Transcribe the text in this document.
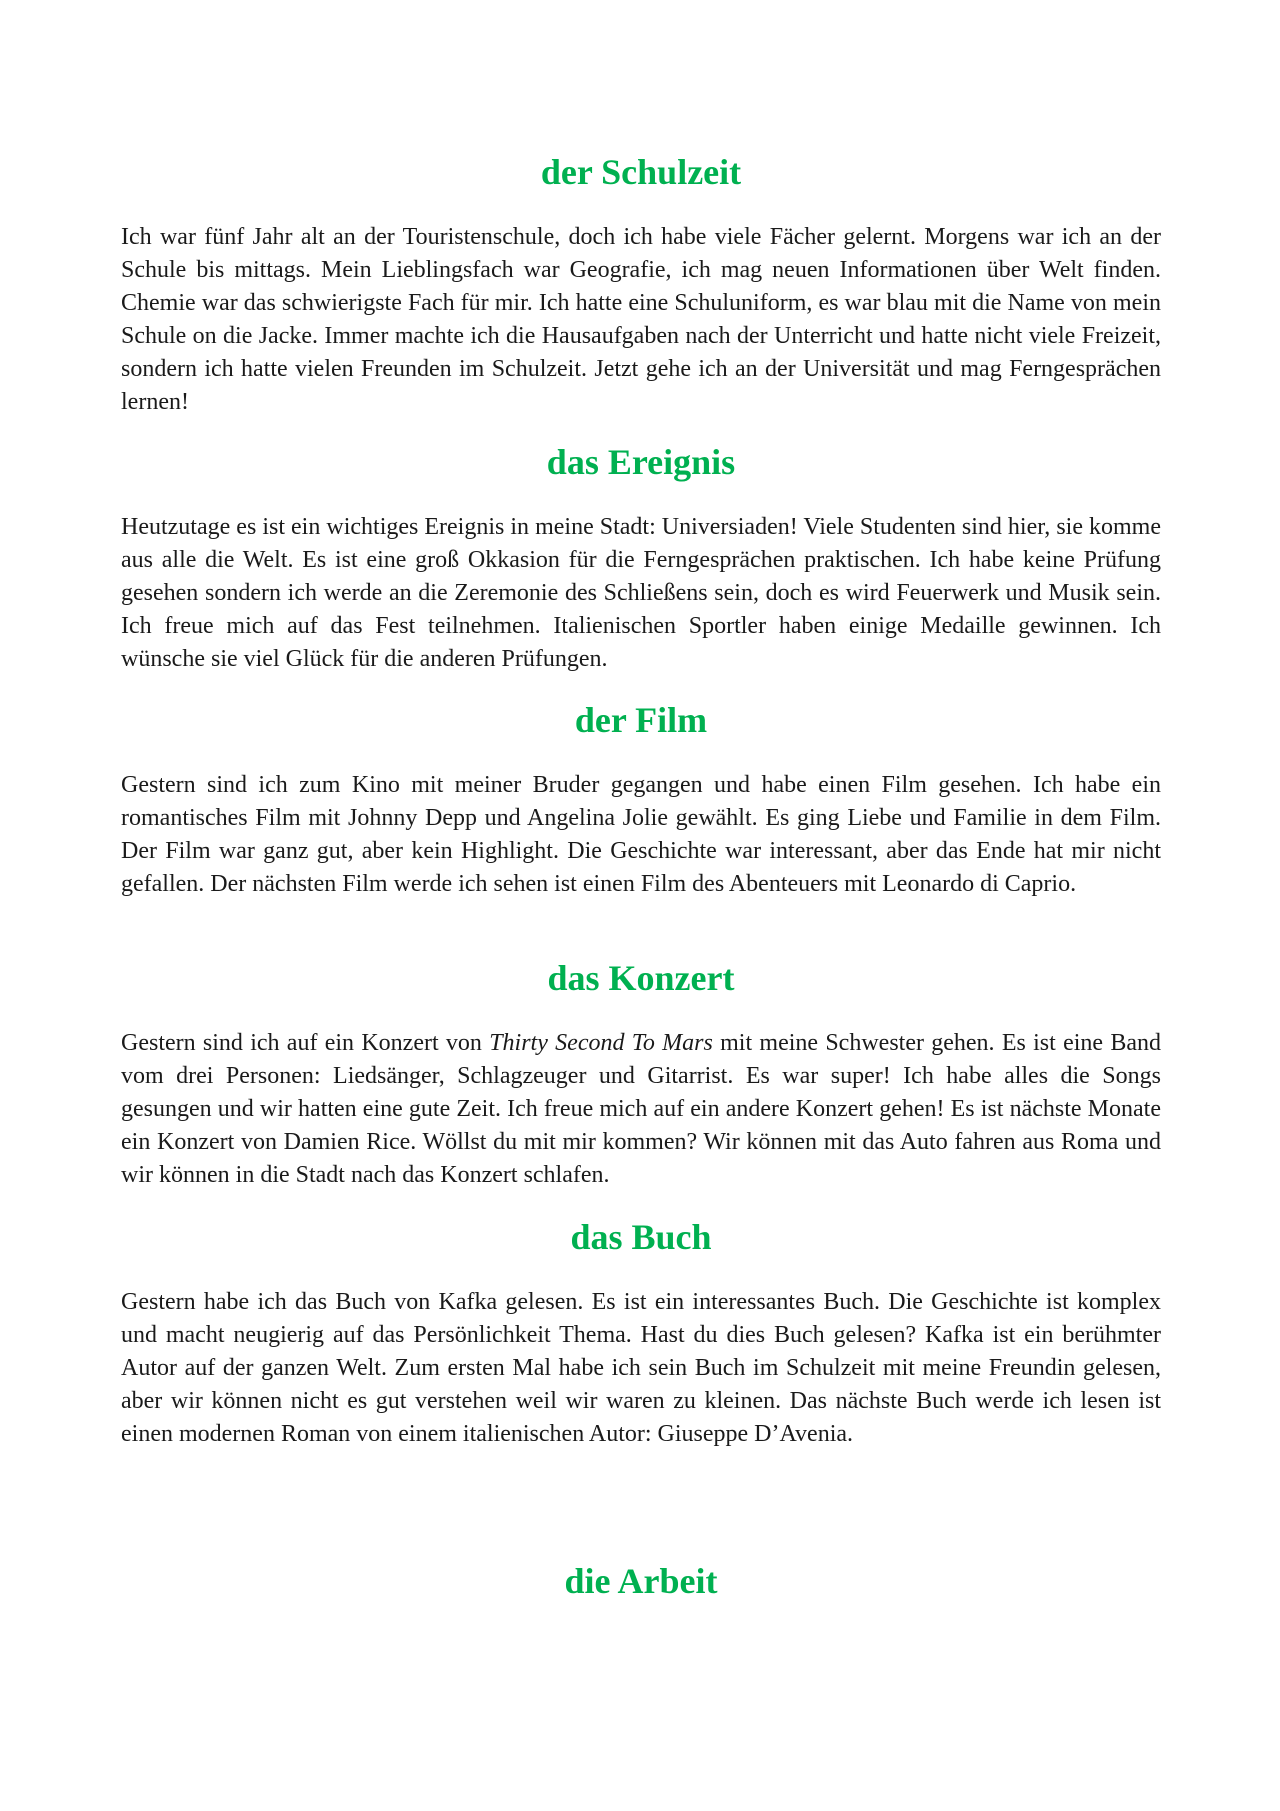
der Schulzeit

Ich war fünf Jahr alt an der Touristenschule, doch ich habe viele Fächer gelernt. Morgens war ich an der Schule bis mittags. Mein Lieblingsfach war Geografie, ich mag neuen Informationen über Welt finden. Chemie war das schwierigste Fach für mir. Ich hatte eine Schuluniform, es war blau mit die Name von mein Schule on die Jacke. Immer machte ich die Hausaufgaben nach der Unterricht und hatte nicht viele Freizeit, sondern ich hatte vielen Freunden im Schulzeit. Jetzt gehe ich an der Universität und mag Ferngesprächen lernen!

das Ereignis

Heutzutage es ist ein wichtiges Ereignis in meine Stadt: Universiaden! Viele Studenten sind hier, sie komme aus alle die Welt. Es ist eine groß Okkasion für die Ferngesprächen praktischen. Ich habe keine Prüfung gesehen sondern ich werde an die Zeremonie des Schließens sein, doch es wird Feuerwerk und Musik sein. Ich freue mich auf das Fest teilnehmen. Italienischen Sportler haben einige Medaille gewinnen. Ich wünsche sie viel Glück für die anderen Prüfungen.

der Film

Gestern sind ich zum Kino mit meiner Bruder gegangen und habe einen Film gesehen. Ich habe ein romantisches Film mit Johnny Depp und Angelina Jolie gewählt. Es ging Liebe und Familie in dem Film. Der Film war ganz gut, aber kein Highlight. Die Geschichte war interessant, aber das Ende hat mir nicht gefallen. Der nächsten Film werde ich sehen ist einen Film des Abenteuers mit Leonardo di Caprio.

das Konzert

Gestern sind ich auf ein Konzert von Thirty Second To Mars mit meine Schwester gehen. Es ist eine Band vom drei Personen: Liedsänger, Schlagzeuger und Gitarrist. Es war super! Ich habe alles die Songs gesungen und wir hatten eine gute Zeit. Ich freue mich auf ein andere Konzert gehen! Es ist nächste Monate ein Konzert von Damien Rice. Wöllst du mit mir kommen? Wir können mit das Auto fahren aus Roma und wir können in die Stadt nach das Konzert schlafen.

das Buch

Gestern habe ich das Buch von Kafka gelesen. Es ist ein interessantes Buch. Die Geschichte ist komplex und macht neugierig auf das Persönlichkeit Thema. Hast du dies Buch gelesen? Kafka ist ein berühmter Autor auf der ganzen Welt. Zum ersten Mal habe ich sein Buch im Schulzeit mit meine Freundin gelesen, aber wir können nicht es gut verstehen weil wir waren zu kleinen. Das nächste Buch werde ich lesen ist einen modernen Roman von einem italienischen Autor: Giuseppe D’Avenia.

die Arbeit
